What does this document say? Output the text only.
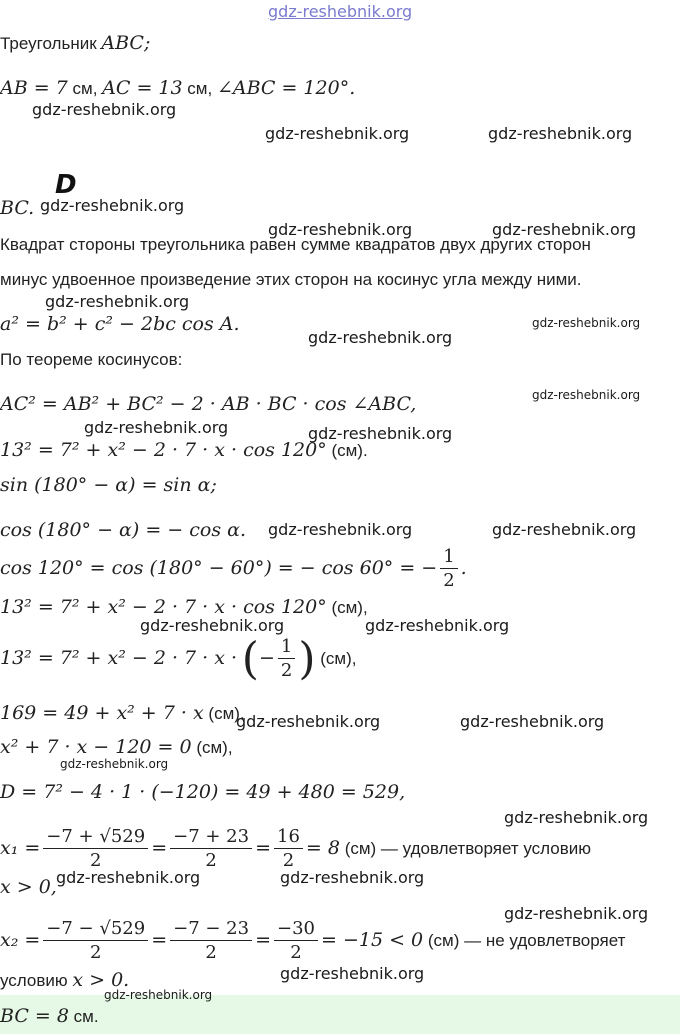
gdz-reshebnik.org
Треугольник ABC;
AB = 7 см, AC = 13 см, ∠ABC = 120°.
gdz-reshebnik.org
gdz-reshebnik.org	gdz-reshebnik.org
D
BC. gdz-reshebnik.org
gdz-reshebnik.org	gdz-reshebnik.org
Квадрат стороны треугольника равен сумме квадратов двух других сторон
минус удвоенное произведение этих сторон на косинус угла между ними.
gdz-reshebnik.org
a² = b² + c² − 2bc cos A.	gdz-reshebnik.org
gdz-reshebnik.org
По теореме косинусов:
AC² = AB² + BC² − 2 · AB · BC · cos ∠ABC,	gdz-reshebnik.org
gdz-reshebnik.org	gdz-reshebnik.org
13² = 7² + x² − 2 · 7 · x · cos 120° (см).
sin (180° − α) = sin α;
cos (180° − α) = − cos α. gdz-reshebnik.org	gdz-reshebnik.org
cos 120° = cos (180° − 60°) = − cos 60° = − $\frac{1}{2}$ .
13² = 7² + x² − 2 · 7 · x · cos 120° (см),
gdz-reshebnik.org	gdz-reshebnik.org
13² = 7² + x² − 2 · 7 · x · (− $\frac{1}{2}$ ) (см),
169 = 49 + x² + 7 · x (см).
gdz-reshebnik.org	gdz-reshebnik.org
x² + 7 · x − 120 = 0 (см),
gdz-reshebnik.org
D = 7² − 4 · 1 · (−120) = 49 + 480 = 529,
gdz-reshebnik.org
$x_1 = \frac{-7 + √529}{2} = \frac{-7 + 23}{2} = \frac{16}{2} = 8$ (см) — удовлетворяет условию
x > 0, gdz-reshebnik.org	gdz-reshebnik.org
gdz-reshebnik.org
$x_2 = \frac{-7 - √529}{2} = \frac{-7 - 23}{2} = \frac{-30}{2} = -15 < 0$ (см) — не удовлетворяет
условию x > 0.	gdz-reshebnik.org
gdz-reshebnik.org
BC = 8 см.
